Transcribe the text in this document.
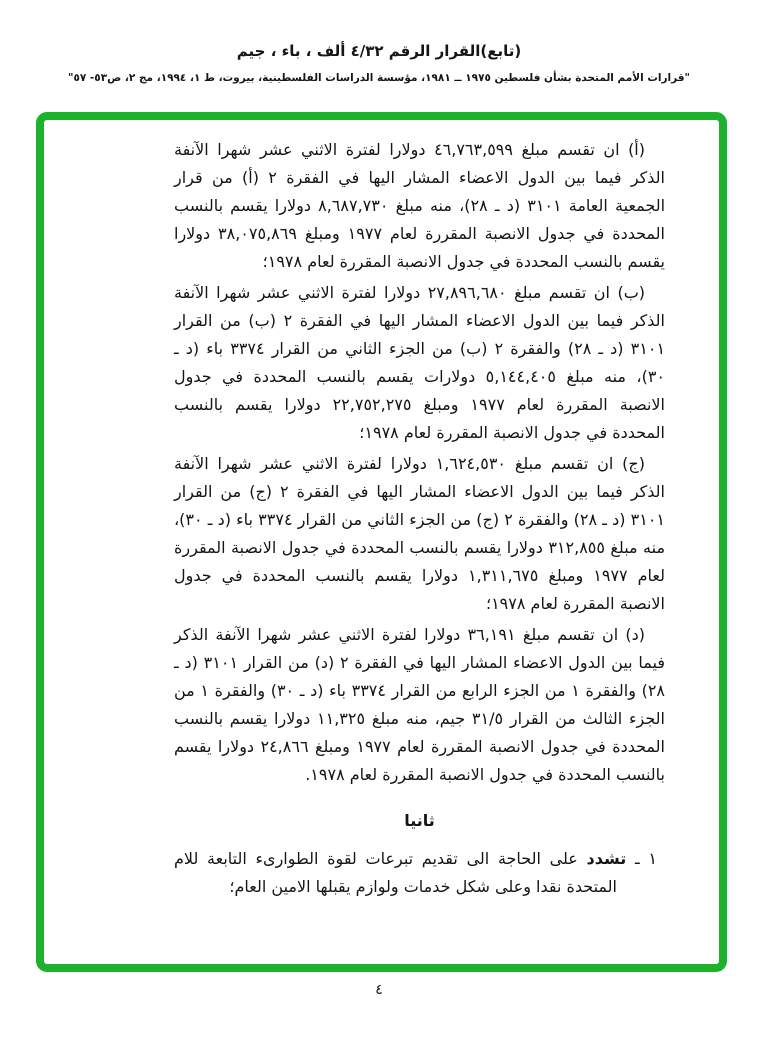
(تابع)القرار الرقم ٤/٣٢ ألف ، باء ، جيم
"قرارات الأمم المتحدة بشأن فلسطين ١٩٧٥ ــ ١٩٨١، مؤسسة الدراسات الفلسطينية، بيروت، ط ١، ١٩٩٤، مج ٢، ص٥٣- ٥٧"

(أ) ان تقسم مبلغ ٤٦,٧٦٣,٥٩٩ دولارا لفترة الاثني عشر شهرا الآنفة الذكر فيما بين الدول الاعضاء المشار اليها في الفقرة ٢ (أ) من قرار الجمعية العامة ٣١٠١ (د ـ ٢٨)، منه مبلغ ٨,٦٨٧,٧٣٠ دولارا يقسم بالنسب المحددة في جدول الانصبة المقررة لعام ١٩٧٧ ومبلغ ٣٨,٠٧٥,٨٦٩ دولارا يقسم بالنسب المحددة في جدول الانصبة المقررة لعام ١٩٧٨؛

(ب) ان تقسم مبلغ ٢٧,٨٩٦,٦٨٠ دولارا لفترة الاثني عشر شهرا الآنفة الذكر فيما بين الدول الاعضاء المشار اليها في الفقرة ٢ (ب) من القرار ٣١٠١ (د ـ ٢٨) والفقرة ٢ (ب) من الجزء الثاني من القرار ٣٣٧٤ باء (د ـ ٣٠)، منه مبلغ ٥,١٤٤,٤٠٥ دولارات يقسم بالنسب المحددة في جدول الانصبة المقررة لعام ١٩٧٧ ومبلغ ٢٢,٧٥٢,٢٧٥ دولارا يقسم بالنسب المحددة في جدول الانصبة المقررة لعام ١٩٧٨؛

(ج) ان تقسم مبلغ ١,٦٢٤,٥٣٠ دولارا لفترة الاثني عشر شهرا الآنفة الذكر فيما بين الدول الاعضاء المشار اليها في الفقرة ٢ (ج) من القرار ٣١٠١ (د ـ ٢٨) والفقرة ٢ (ج) من الجزء الثاني من القرار ٣٣٧٤ باء (د ـ ٣٠)، منه مبلغ ٣١٢,٨٥٥ دولارا يقسم بالنسب المحددة في جدول الانصبة المقررة لعام ١٩٧٧ ومبلغ ١,٣١١,٦٧٥ دولارا يقسم بالنسب المحددة في جدول الانصبة المقررة لعام ١٩٧٨؛

(د) ان تقسم مبلغ ٣٦,١٩١ دولارا لفترة الاثني عشر شهرا الآنفة الذكر فيما بين الدول الاعضاء المشار اليها في الفقرة ٢ (د) من القرار ٣١٠١ (د ـ ٢٨) والفقرة ١ من الجزء الرابع من القرار ٣٣٧٤ باء (د ـ ٣٠) والفقرة ١ من الجزء الثالث من القرار ٣١/٥ جيم، منه مبلغ ١١,٣٢٥ دولارا يقسم بالنسب المحددة في جدول الانصبة المقررة لعام ١٩٧٧ ومبلغ ٢٤,٨٦٦ دولارا يقسم بالنسب المحددة في جدول الانصبة المقررة لعام ١٩٧٨.

ثانيا

١ ـ تشدد على الحاجة الى تقديم تبرعات لقوة الطوارىء التابعة للام المتحدة نقدا وعلى شكل خدمات ولوازم يقبلها الامين العام؛

٤
